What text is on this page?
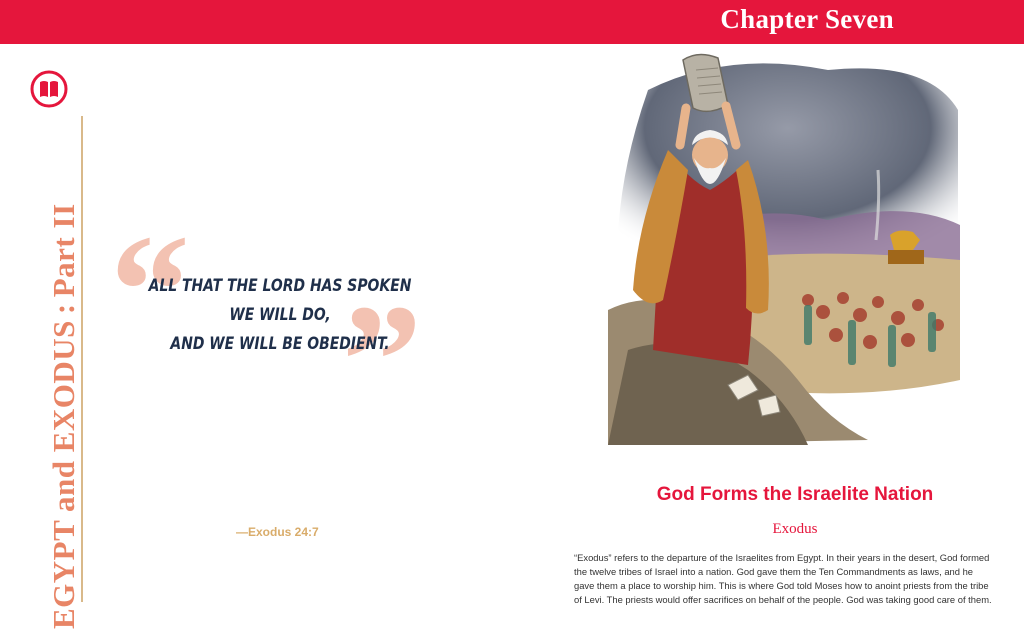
Chapter Seven
EGYPT and EXODUS:Part II “ ”
ALL THAT THE LORD HAS SPOKEN WE WILL DO,
AND WE WILL BE OBEDIENT.
—Exodus 24:7
God Forms the Israelite Nation
Exodus
“Exodus” refers to the departure of the Israelites from Egypt. In their years in the desert, God formed the twelve tribes of Israel into a nation. God gave them the Ten Commandments as laws, and he gave them a place to worship him. This is where God told Moses how to anoint priests from the tribe of Levi. The priests would offer sacrifices on behalf of the people. God was taking good care of them.
